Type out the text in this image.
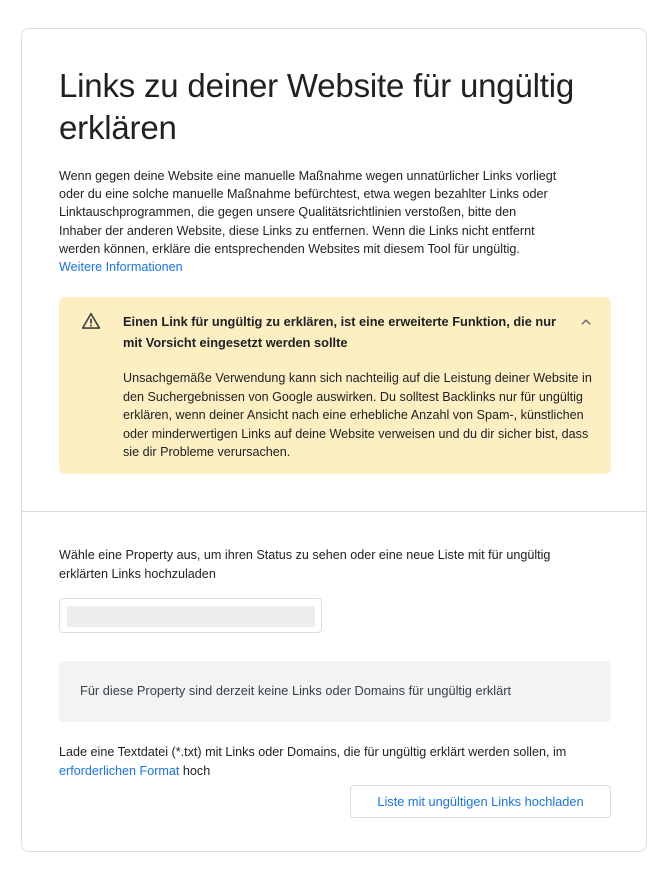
Links zu deiner Website für ungültig erklären

Wenn gegen deine Website eine manuelle Maßnahme wegen unnatürlicher Links vorliegt oder du eine solche manuelle Maßnahme befürchtest, etwa wegen bezahlter Links oder Linktauschprogrammen, die gegen unsere Qualitätsrichtlinien verstoßen, bitte den Inhaber der anderen Website, diese Links zu entfernen. Wenn die Links nicht entfernt werden können, erkläre die entsprechenden Websites mit diesem Tool für ungültig. Weitere Informationen

Einen Link für ungültig zu erklären, ist eine erweiterte Funktion, die nur mit Vorsicht eingesetzt werden sollte
Unsachgemäße Verwendung kann sich nachteilig auf die Leistung deiner Website in den Suchergebnissen von Google auswirken. Du solltest Backlinks nur für ungültig erklären, wenn deiner Ansicht nach eine erhebliche Anzahl von Spam-, künstlichen oder minderwertigen Links auf deine Website verweisen und du dir sicher bist, dass sie dir Probleme verursachen.

Wähle eine Property aus, um ihren Status zu sehen oder eine neue Liste mit für ungültig erklärten Links hochzuladen

Für diese Property sind derzeit keine Links oder Domains für ungültig erklärt

Lade eine Textdatei (*.txt) mit Links oder Domains, die für ungültig erklärt werden sollen, im erforderlichen Format hoch

Liste mit ungültigen Links hochladen
